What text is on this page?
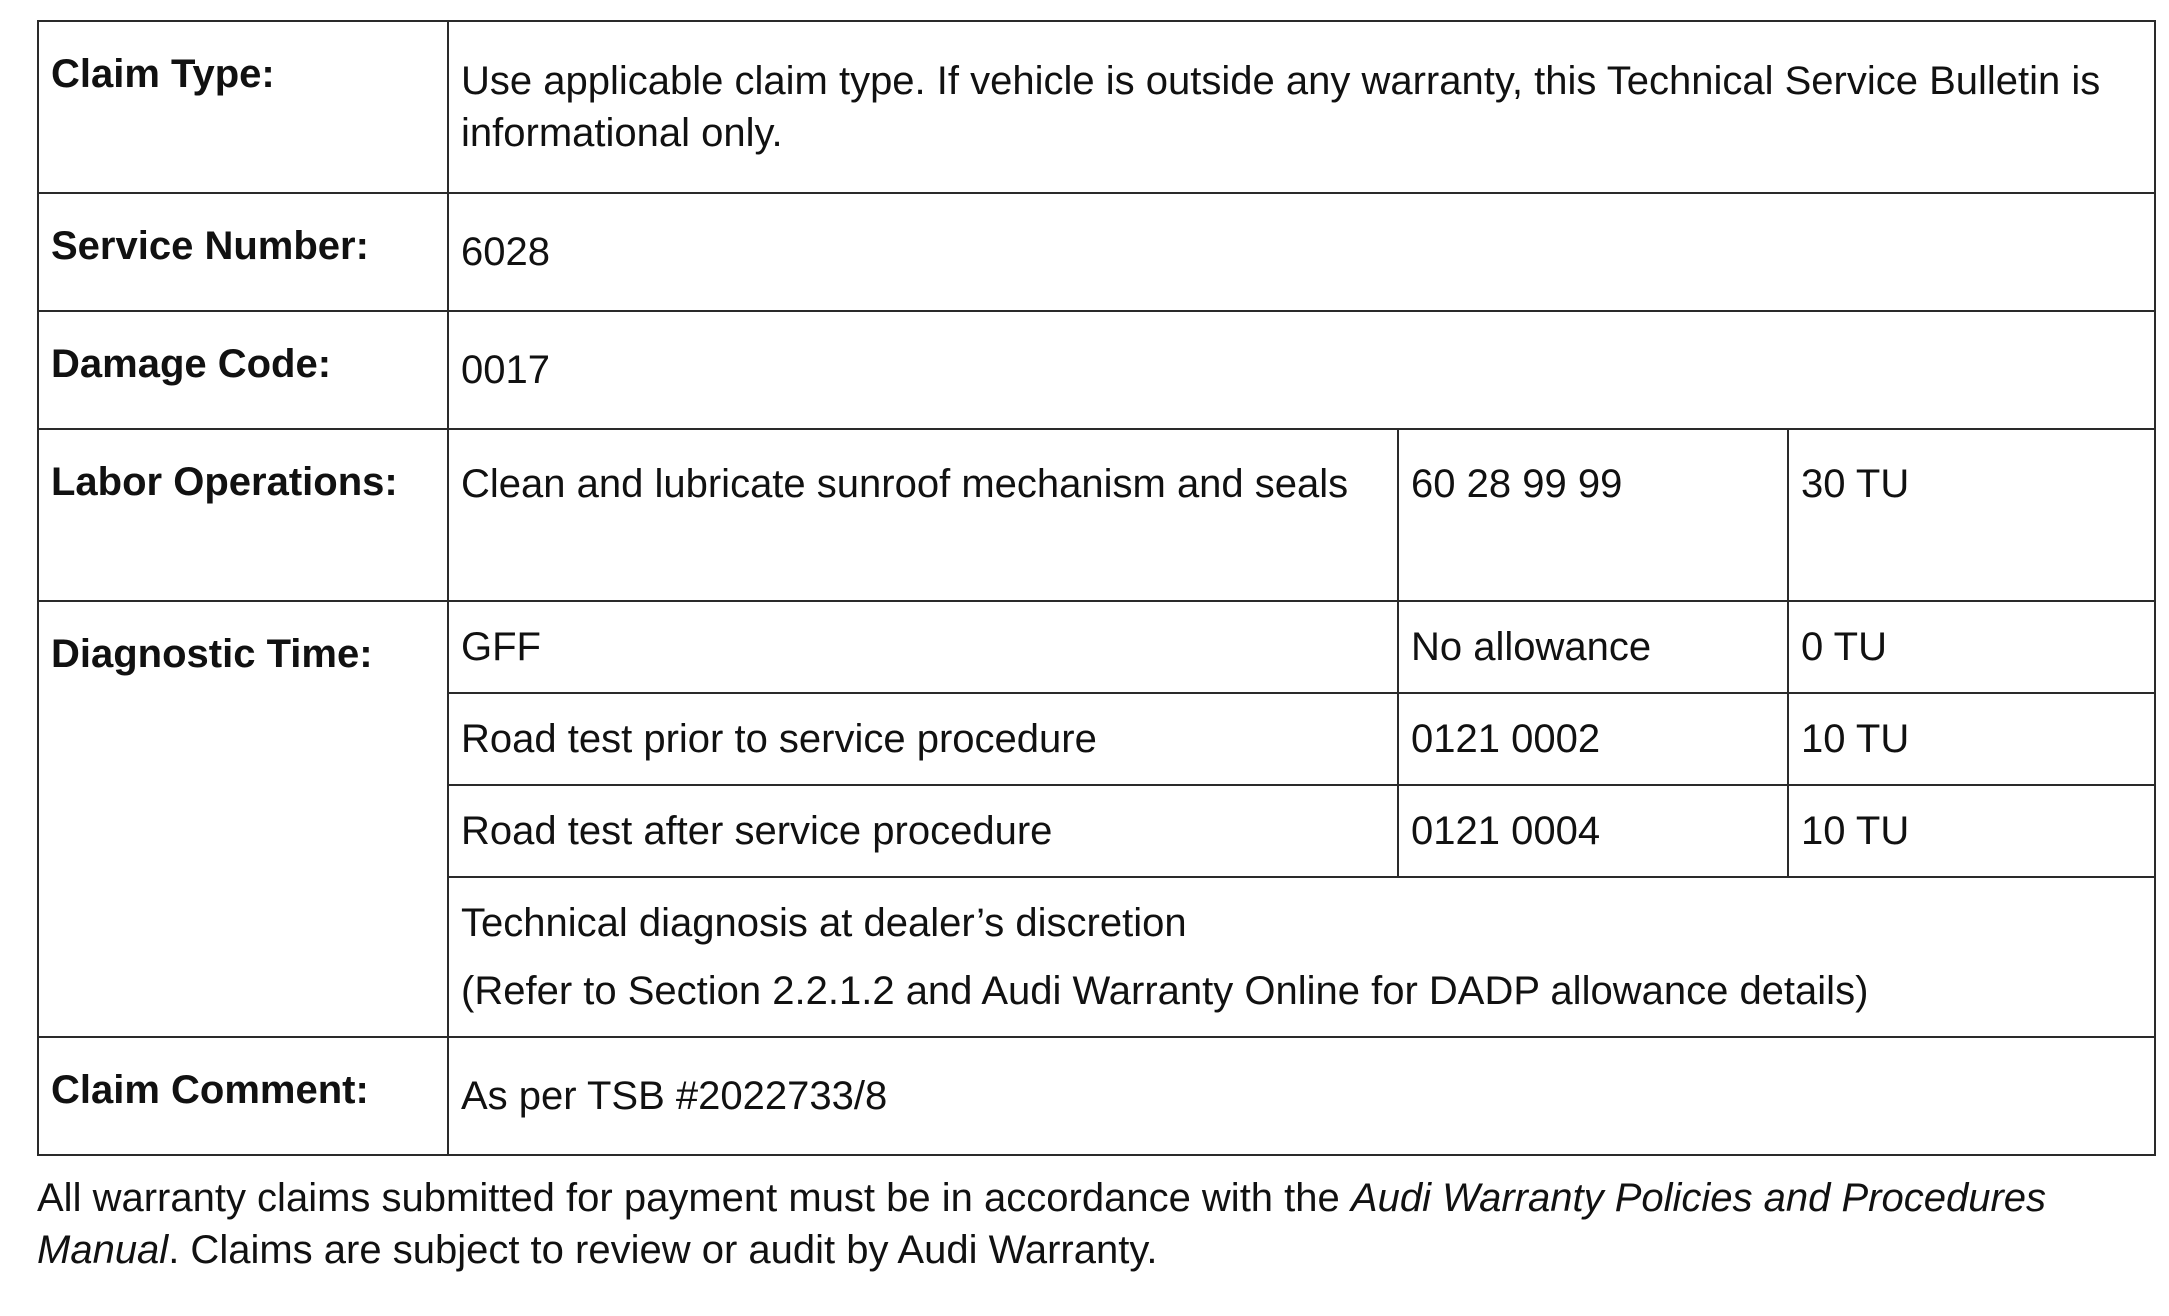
Claim Type:	Use applicable claim type. If vehicle is outside any warranty, this Technical Service Bulletin is informational only.		
Service Number:	6028		
Damage Code:	0017		
Labor Operations:	Clean and lubricate sunroof mechanism and seals	60 28 99 99	30 TU
Diagnostic Time:	GFF	No allowance	0 TU
	Road test prior to service procedure	0121 0002	10 TU
	Road test after service procedure	0121 0004	10 TU

	Technical diagnosis at dealer’s discretion
(Refer to Section 2.2.1.2 and Audi Warranty Online for DADP allowance details)		

Claim Comment:	As per TSB #2022733/8		

All warranty claims submitted for payment must be in accordance with the Audi Warranty Policies and Procedures Manual. Claims are subject to review or audit by Audi Warranty.
